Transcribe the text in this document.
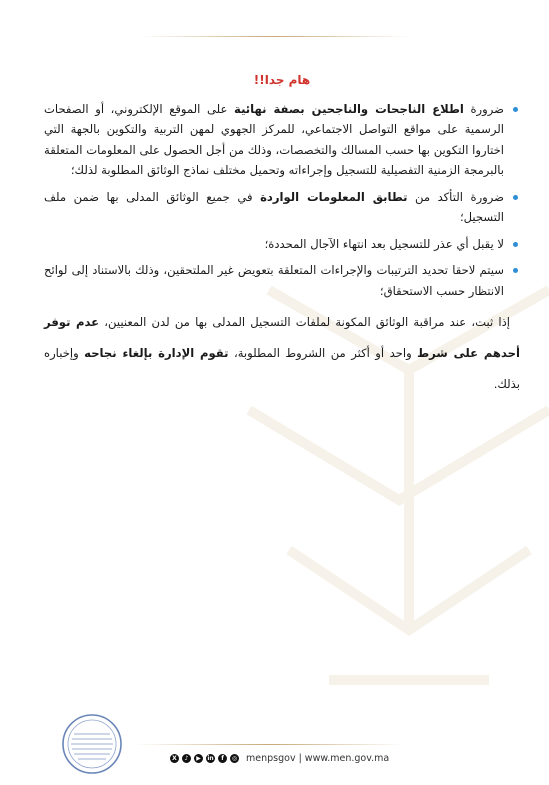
هام جدا!!
ضرورة اطلاع الناجحات والناجحين بصفة نهائية على الموقع الإلكتروني، أو الصفحات الرسمية على مواقع التواصل الاجتماعي، للمركز الجهوي لمهن التربية والتكوين بالجهة التي اختاروا التكوين بها حسب المسالك والتخصصات، وذلك من أجل الحصول على المعلومات المتعلقة بالبرمجة الزمنية التفصيلية للتسجيل وإجراءاته وتحميل مختلف نماذج الوثائق المطلوبة لذلك؛
ضرورة التأكد من تطابق المعلومات الواردة في جميع الوثائق المدلى بها ضمن ملف التسجيل؛
لا يقبل أي عذر للتسجيل بعد انتهاء الآجال المحددة؛
سيتم لاحقا تحديد الترتيبات والإجراءات المتعلقة بتعويض غير الملتحقين، وذلك بالاستناد إلى لوائح الانتظار حسب الاستحقاق؛
إذا ثبت، عند مراقبة الوثائق المكونة لملفات التسجيل المدلى بها من لدن المعنيين، عدم توفر أحدهم على شرط واحد أو أكثر من الشروط المطلوبة، تقوم الإدارة بإلغاء نجاحه وإخباره بذلك.
X	♪	▶	in	f	◎ menpsgov | www.men.gov.ma
